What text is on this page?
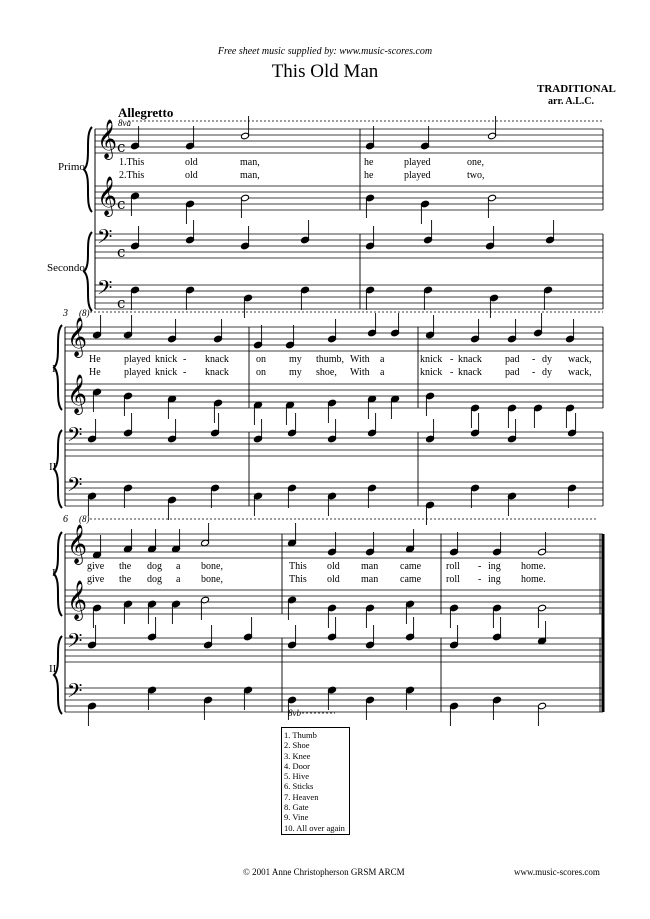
Free sheet music supplied by: www.music-scores.com
This Old Man
TRADITIONAL
arr. A.L.C.
Allegretto
Primo
Secondo
I
II
I
II
3
6
8va
(8)
(8)
8vb
𝄞 c
𝄞 c
𝄢 c
𝄢 c
𝄞
𝄞
𝄢
𝄢
𝄞
𝄞
𝄢
𝄢
1.This	old	man,	he	played	one,
2.This	old	man,	he	played	two,
He played knick - knack	on my thumb, With a	knick - knack pad - dy wack,
He played knick - knack	on my shoe, With a	knick - knack pad - dy wack,
give the dog a bone,	This old man came roll - ing home.
give the dog a bone,	This old man came roll - ing home.
1. Thumb
2. Shoe
3. Knee
4. Door
5. Hive
6. Sticks
7. Heaven
8. Gate
9. Vine
10. All over again
© 2001 Anne Christopherson GRSM ARCM	www.music-scores.com
